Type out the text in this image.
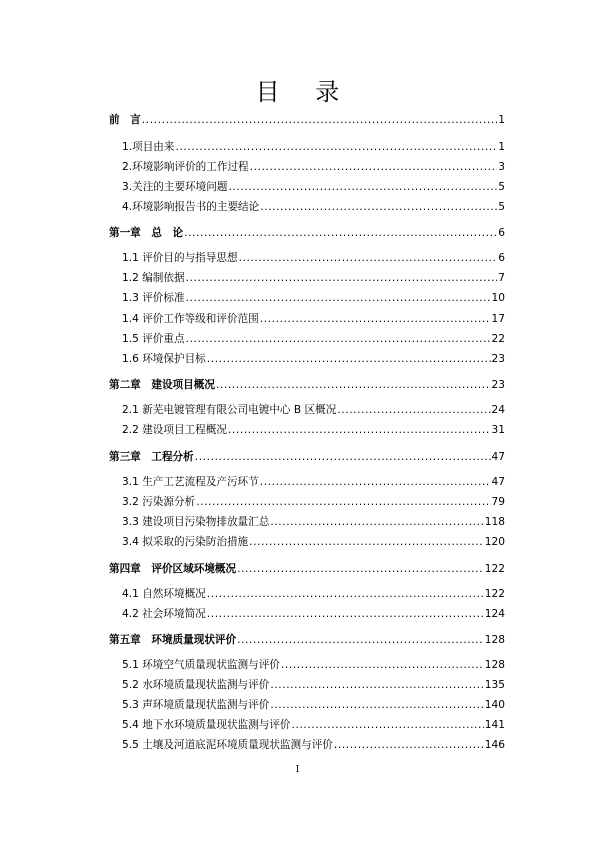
目 录
前　言 .....	1
1.项目由来 .....	1
2.环境影响评价的工作过程 .....	3
3.关注的主要环境问题 .....	5
4.环境影响报告书的主要结论 .....	5
第一章　总　论 .....	6
1.1 评价目的与指导思想 .....	6
1.2 编制依据 .....	7
1.3 评价标准 .....	10
1.4 评价工作等级和评价范围 .....	17
1.5 评价重点 .....	22
1.6 环境保护目标 .....	23
第二章　建设项目概况 .....	23
2.1 新芜电镀管理有限公司电镀中心 B 区概况 .....	24
2.2 建设项目工程概况 .....	31
第三章　工程分析 .....	47
3.1 生产工艺流程及产污环节 .....	47
3.2 污染源分析 .....	79
3.3 建设项目污染物排放量汇总 .....	118
3.4 拟采取的污染防治措施 .....	120
第四章　评价区域环境概况 .....	122
4.1 自然环境概况 .....	122
4.2 社会环境简况 .....	124
第五章　环境质量现状评价 .....	128
5.1 环境空气质量现状监测与评价 .....	128
5.2 水环境质量现状监测与评价 .....	135
5.3 声环境质量现状监测与评价 .....	140
5.4 地下水环境质量现状监测与评价 .....	141
5.5 土壤及河道底泥环境质量现状监测与评价 .....	146
I
